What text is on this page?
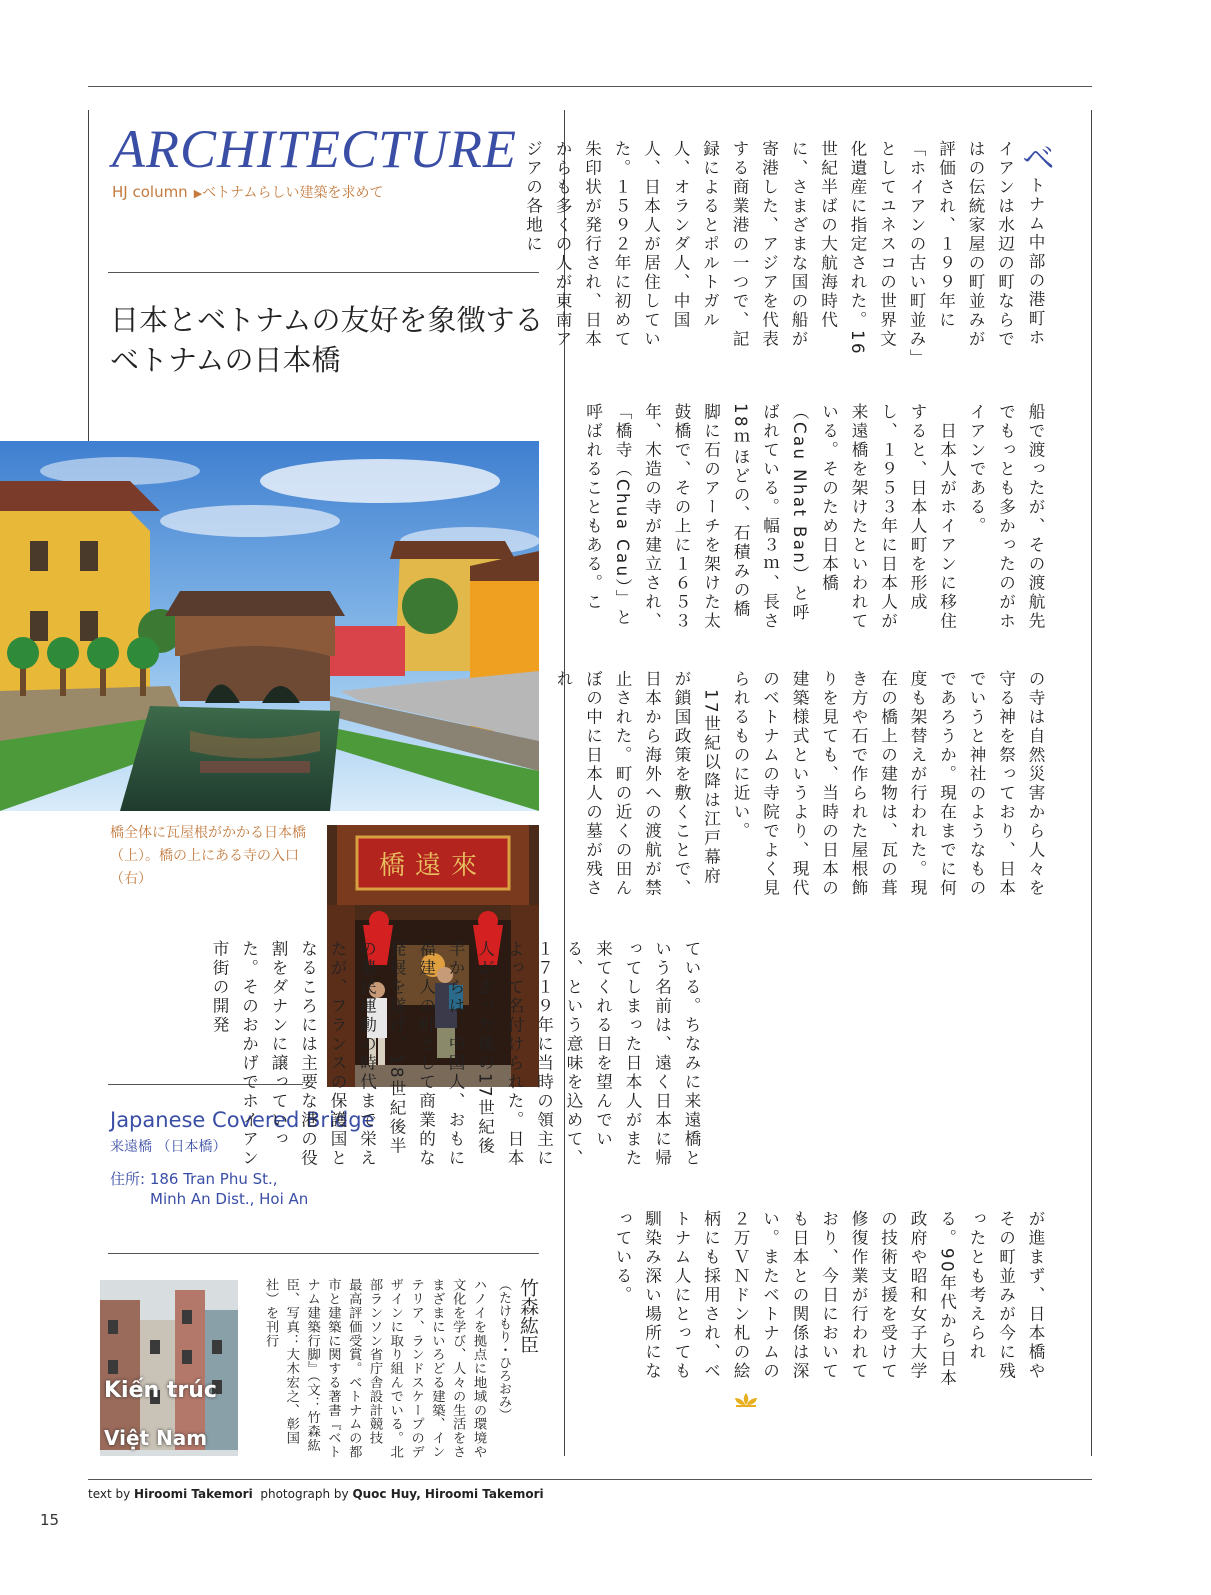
ARCHITECTURE
HJ column ▶ベトナムらしい建築を求めて
日本とベトナムの友好を象徴する
ベトナムの日本橋
橋遠來
橋全体に瓦屋根がかかる日本橋（上）。橋の上にある寺の入口（右）
Japanese Covered Bridge
来遠橋 （日本橋）
住所: 186 Tran Phu St.,
Minh An Dist., Hoi An
Kiến trúc
Việt Nam
竹森紘臣
（たけもり・ひろおみ）
ハノイを拠点に地域の環境や文化を学び、人々の生活をさまざまにいろどる建築、インテリア、ランドスケープのデザインに取り組んでいる。北部ランソン省庁舎設計競技 最高評価受賞。ベトナムの都市と建築に関する著書『ベトナム建築行脚』（文：竹森紘臣、写真：大木宏之、彰国社）を刊行
ベトナム中部の港町ホイアンは水辺の町ならではの伝統家屋の町並みが評価され、１９９年に「ホイアンの古い町並み」としてユネスコの世界文化遺産に指定された。16世紀半ばの大航海時代に、さまざまな国の船が寄港した、アジアを代表する商業港の一つで、記録によるとポルトガル人、オランダ人、中国人、日本人が居住していた。１５９２年に初めて朱印状が発行され、日本からも多くの人が東南アジアの各地に
船で渡ったが、その渡航先でもっとも多かったのがホイアンである。
　日本人がホイアンに移住すると、日本人町を形成し、１９５３年に日本人が来遠橋を架けたといわれている。そのため日本橋（Cau Nhat Ban）と呼ばれている。幅３ｍ、長さ18ｍほどの、石積みの橋脚に石のアーチを架けた太鼓橋で、その上に１６５３年、木造の寺が建立され、「橋寺（Chua Cau）」と呼ばれることもある。こ
の寺は自然災害から人々を守る神を祭っており、日本でいうと神社のようなものであろうか。現在までに何度も架替えが行われた。現在の橋上の建物は、瓦の葺き方や石で作られた屋根飾りを見ても、当時の日本の建築様式というより、現代のベトナムの寺院でよく見られるものに近い。
　17世紀以降は江戸幕府が鎖国政策を敷くことで、日本から海外への渡航が禁止された。町の近くの田んぼの中に日本人の墓が残され
ている。ちなみに来遠橋という名前は、遠く日本に帰ってしまった日本人がまた来てくれる日を望んでいる、という意味を込めて、１７１９年に当時の領主によって名付けられた。日本人が去った後の17世紀後半からは、中国人、おもに福建人の町として商業的な発展を遂げ、18世紀後半の農民運動の時代まで栄えたが、フランスの保護国となるころには主要な港の役割をダナンに譲っていった。そのおかげでホイアン市街の開発
が進まず、日本橋やその町並みが今に残ったとも考えられる。90年代から日本政府や昭和女子大学の技術支援を受けて修復作業が行われており、今日においても日本との関係は深い。またベトナムの２万ＶＮドン札の絵柄にも採用され、ベトナム人にとっても馴染み深い場所になっている。
text by Hiroomi Takemori photograph by Quoc Huy, Hiroomi Takemori
15
